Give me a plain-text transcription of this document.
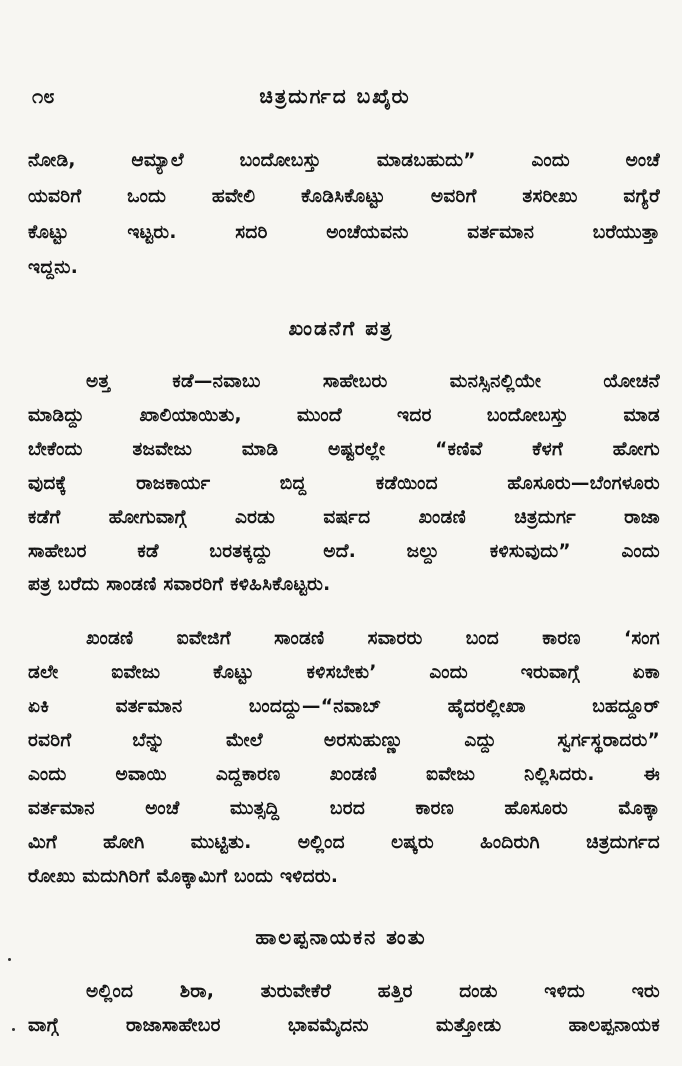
೧೮	ಚಿತ್ರದುರ್ಗದ ಬಖೈರು
ನೋಡಿ, ಆಮ್ಯಾಲೆ ಬಂದೋಬಸ್ತು ಮಾಡಬಹುದು” ಎಂದು ಅಂಚೆ
ಯವರಿಗೆ ಒಂದು ಹವೇಲಿ ಕೊಡಿಸಿಕೊಟ್ಟು ಅವರಿಗೆ ತಸರೀಖು ವಗ್ಯೆರೆ
ಕೊಟ್ಟು ಇಟ್ಟರು. ಸದರಿ ಅಂಚೆಯವನು ವರ್ತಮಾನ ಬರೆಯುತ್ತಾ
ಇದ್ದನು.
ಖಂಡನೆಗೆ ಪತ್ರ
ಅತ್ತ ಕಡೆ—ನವಾಬು ಸಾಹೇಬರು ಮನಸ್ಸಿನಲ್ಲಿಯೇ ಯೋಚನೆ
ಮಾಡಿದ್ದು ಖಾಲಿಯಾಯಿತು, ಮುಂದೆ ಇದರ ಬಂದೋಬಸ್ತು ಮಾಡ
ಬೇಕೆಂದು ತಜವೇಜು ಮಾಡಿ ಅಷ್ಟರಲ್ಲೇ “ಕಣಿವೆ ಕೆಳಗೆ ಹೋಗು
ವುದಕ್ಕೆ ರಾಜಕಾರ್ಯ ಬಿದ್ದ ಕಡೆಯಿಂದ ಹೊಸೂರು—ಬೆಂಗಳೂರು
ಕಡೆಗೆ ಹೋಗುವಾಗ್ಗೆ ಎರಡು ವರ್ಷದ ಖಂಡಣಿ ಚಿತ್ರದುರ್ಗ ರಾಜಾ
ಸಾಹೇಬರ ಕಡೆ ಬರತಕ್ಕದ್ದು ಅದೆ. ಜಲ್ದು ಕಳಿಸುವುದು” ಎಂದು
ಪತ್ರ ಬರೆದು ಸಾಂಡಣಿ ಸವಾರರಿಗೆ ಕಳಿಹಿಸಿಕೊಟ್ಟರು.
ಖಂಡಣಿ ಐವೇಜಿಗೆ ಸಾಂಡಣಿ ಸವಾರರು ಬಂದ ಕಾರಣ ‘ಸಂಗ
ಡಲೇ ಐವೇಜು ಕೊಟ್ಟು ಕಳಿಸಬೇಕು’ ಎಂದು ಇರುವಾಗ್ಗೆ ಏಕಾ
ಏಕಿ ವರ್ತಮಾನ ಬಂದದ್ದು—“ನವಾಬ್ ಹೈದರಲ್ಲೀಖಾ ಬಹದ್ದೂರ್
ರವರಿಗೆ ಬೆನ್ನು ಮೇಲೆ ಅರಸುಹುಣ್ಣು ಎದ್ದು ಸ್ವರ್ಗಸ್ಥರಾದರು”
ಎಂದು ಅವಾಯಿ ಎದ್ದಕಾರಣ ಖಂಡಣಿ ಐವೇಜು ನಿಲ್ಲಿಸಿದರು. ಈ
ವರ್ತಮಾನ ಅಂಚೆ ಮುತ್ಸದ್ದಿ ಬರದ ಕಾರಣ ಹೊಸೂರು ಮೊಕ್ಕಾ
ಮಿಗೆ ಹೋಗಿ ಮುಟ್ಟಿತು. ಅಲ್ಲಿಂದ ಲಷ್ಕರು ಹಿಂದಿರುಗಿ ಚಿತ್ರದುರ್ಗದ
ರೋಖು ಮದುಗಿರಿಗೆ ಮೊಕ್ಕಾಮಿಗೆ ಬಂದು ಇಳಿದರು.
ಹಾಲಪ್ಪನಾಯಕನ ತಂತು
ಅಲ್ಲಿಂದ ಶಿರಾ, ತುರುವೇಕೆರೆ ಹತ್ತಿರ ದಂಡು ಇಳಿದು ಇರು
ವಾಗ್ಗೆ ರಾಜಾಸಾಹೇಬರ ಭಾವಮೈದನು ಮತ್ತೋಡು ಹಾಲಪ್ಪನಾಯಕ
